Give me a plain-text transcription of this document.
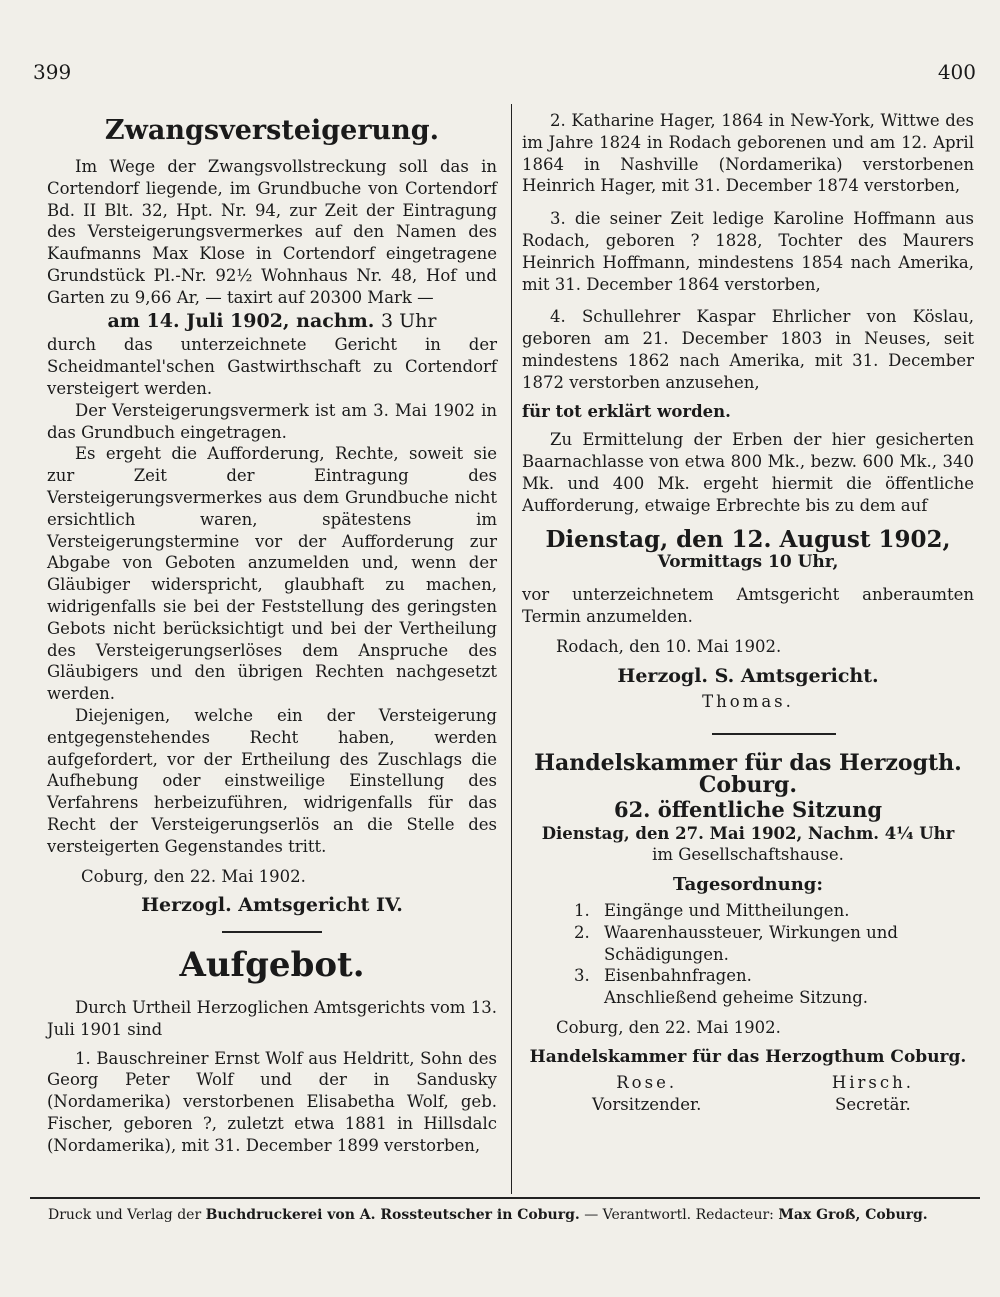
399	400
Zwangsversteigerung.

Im Wege der Zwangsvollstreckung soll das in Cortendorf liegende, im Grundbuche von Cortendorf Bd. II Blt. 32, Hpt. Nr. 94, zur Zeit der Eintragung des Versteigerungsvermerkes auf den Namen des Kaufmanns Max Klose in Cortendorf eingetragene Grundstück Pl.-Nr. 92½ Wohnhaus Nr. 48, Hof und Garten zu 9,66 Ar, — taxirt auf 20300 Mark —

am 14. Juli 1902, nachm. 3 Uhr

durch das unterzeichnete Gericht in der Scheidmantel'schen Gastwirthschaft zu Cortendorf versteigert werden.

Der Versteigerungsvermerk ist am 3. Mai 1902 in das Grundbuch eingetragen.

Es ergeht die Aufforderung, Rechte, soweit sie zur Zeit der Eintragung des Versteigerungsvermerkes aus dem Grundbuche nicht ersichtlich waren, spätestens im Versteigerungstermine vor der Aufforderung zur Abgabe von Geboten anzumelden und, wenn der Gläubiger widerspricht, glaubhaft zu machen, widrigenfalls sie bei der Feststellung des geringsten Gebots nicht berücksichtigt und bei der Vertheilung des Versteigerungserlöses dem Anspruche des Gläubigers und den übrigen Rechten nachgesetzt werden.

Diejenigen, welche ein der Versteigerung entgegenstehendes Recht haben, werden aufgefordert, vor der Ertheilung des Zuschlags die Aufhebung oder einstweilige Einstellung des Verfahrens herbeizuführen, widrigenfalls für das Recht der Versteigerungserlös an die Stelle des versteigerten Gegenstandes tritt.

Coburg, den 22. Mai 1902.

Herzogl. Amtsgericht IV.
Aufgebot.

Durch Urtheil Herzoglichen Amtsgerichts vom 13. Juli 1901 sind

1. Bauschreiner Ernst Wolf aus Heldritt, Sohn des Georg Peter Wolf und der in Sandusky (Nordamerika) verstorbenen Elisabetha Wolf, geb. Fischer, geboren ?, zuletzt etwa 1881 in Hillsdalc (Nordamerika), mit 31. December 1899 verstorben,

2. Katharine Hager, 1864 in New-York, Wittwe des im Jahre 1824 in Rodach geborenen und am 12. April 1864 in Nashville (Nordamerika) verstorbenen Heinrich Hager, mit 31. December 1874 verstorben,

3. die seiner Zeit ledige Karoline Hoffmann aus Rodach, geboren ? 1828, Tochter des Maurers Heinrich Hoffmann, mindestens 1854 nach Amerika, mit 31. December 1864 verstorben,

4. Schullehrer Kaspar Ehrlicher von Köslau, geboren am 21. December 1803 in Neuses, seit mindestens 1862 nach Amerika, mit 31. December 1872 verstorben anzusehen,

für tot erklärt worden.

Zu Ermittelung der Erben der hier gesicherten Baarnachlasse von etwa 800 Mk., bezw. 600 Mk., 340 Mk. und 400 Mk. ergeht hiermit die öffentliche Aufforderung, etwaige Erbrechte bis zu dem auf

Dienstag, den 12. August 1902,
Vormittags 10 Uhr,

vor unterzeichnetem Amtsgericht anberaumten Termin anzumelden.

Rodach, den 10. Mai 1902.

Herzogl. S. Amtsgericht.
Thomas.
Handelskammer für das Herzogth. Coburg.
62. öffentliche Sitzung
Dienstag, den 27. Mai 1902, Nachm. 4¼ Uhr
im Gesellschaftshause.
Tagesordnung:
1. Eingänge und Mittheilungen.
2. Waarenhaussteuer, Wirkungen und Schädigungen.
3. Eisenbahnfragen.
Anschließend geheime Sitzung.

Coburg, den 22. Mai 1902.

Handelskammer für das Herzogthum Coburg.
Rose.
Vorsitzender.
Hirsch.
Secretär.
Druck und Verlag der Buchdruckerei von A. Rossteutscher in Coburg. — Verantwortl. Redacteur: Max Groß, Coburg.
